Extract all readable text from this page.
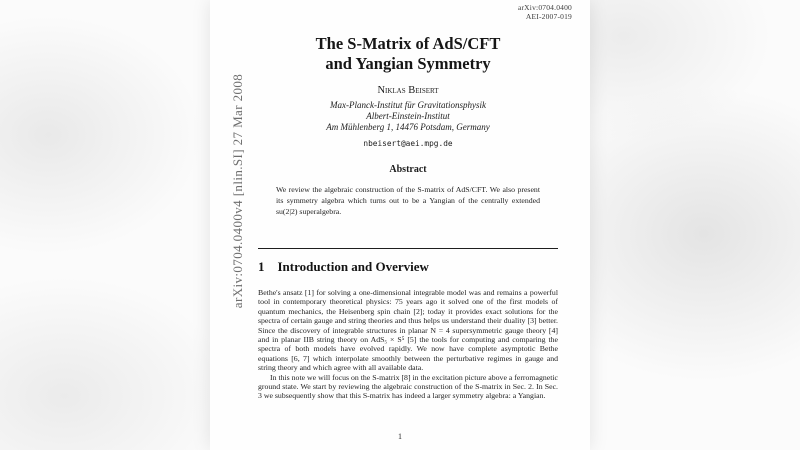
arXiv:0704.0400
AEI-2007-019
arXiv:0704.0400v4 [nlin.SI] 27 Mar 2008
The S-Matrix of AdS/CFT
and Yangian Symmetry
Niklas Beisert
Max-Planck-Institut für Gravitationsphysik
Albert-Einstein-Institut
Am Mühlenberg 1, 14476 Potsdam, Germany
nbeisert@aei.mpg.de
Abstract
We review the algebraic construction of the S-matrix of AdS/CFT. We also present its symmetry algebra which turns out to be a Yangian of the centrally extended su(2|2) superalgebra.
1 Introduction and Overview

Bethe's ansatz [1] for solving a one-dimensional integrable model was and remains a powerful tool in contemporary theoretical physics: 75 years ago it solved one of the first models of quantum mechanics, the Heisenberg spin chain [2]; today it provides exact solutions for the spectra of certain gauge and string theories and thus helps us understand their duality [3] better. Since the discovery of integrable structures in planar N = 4 supersymmetric gauge theory [4] and in planar IIB string theory on AdS₅ × S⁵ [5] the tools for computing and comparing the spectra of both models have evolved rapidly. We now have complete asymptotic Bethe equations [6, 7] which interpolate smoothly between the perturbative regimes in gauge and string theory and which agree with all available data.

In this note we will focus on the S-matrix [8] in the excitation picture above a ferromagnetic ground state. We start by reviewing the algebraic construction of the S-matrix in Sec. 2. In Sec. 3 we subsequently show that this S-matrix has indeed a larger symmetry algebra: a Yangian.

1
